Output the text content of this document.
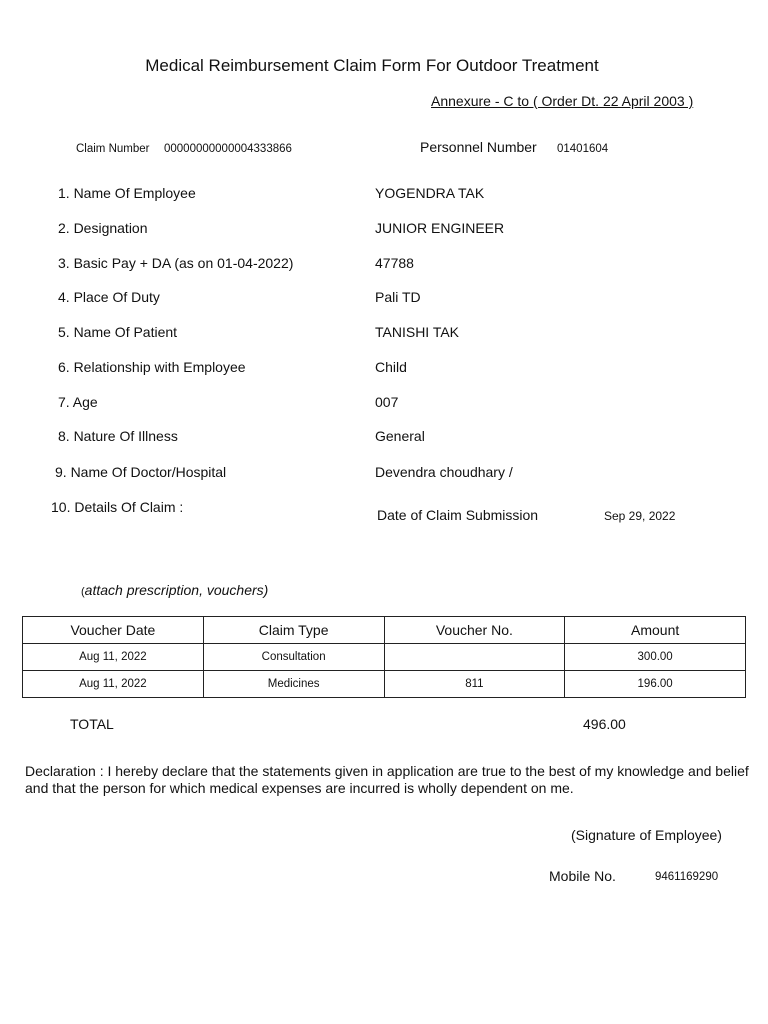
Medical Reimbursement Claim Form For Outdoor Treatment
Annexure - C to ( Order Dt. 22 April 2003 )
Claim Number 00000000000004333866	Personnel Number 01401604
1. Name Of Employee	YOGENDRA TAK
2. Designation	JUNIOR ENGINEER
3. Basic Pay + DA (as on 01-04-2022)	47788
4. Place Of Duty	Pali TD
5. Name Of Patient	TANISHI TAK
6. Relationship with Employee	Child
7. Age	007
8. Nature Of Illness	General
9. Name Of Doctor/Hospital	Devendra choudhary /
10. Details Of Claim :	Date of Claim Submission	Sep 29, 2022
(attach prescription, vouchers)
Voucher Date	Claim Type	Voucher No.	Amount
Aug 11, 2022	Consultation		300.00
Aug 11, 2022	Medicines	811	196.00
TOTAL	496.00
Declaration : I hereby declare that the statements given in application are true to the best of my knowledge and belief and that the person for which medical expenses are incurred is wholly dependent on me.
(Signature of Employee)
Mobile No.	9461169290
